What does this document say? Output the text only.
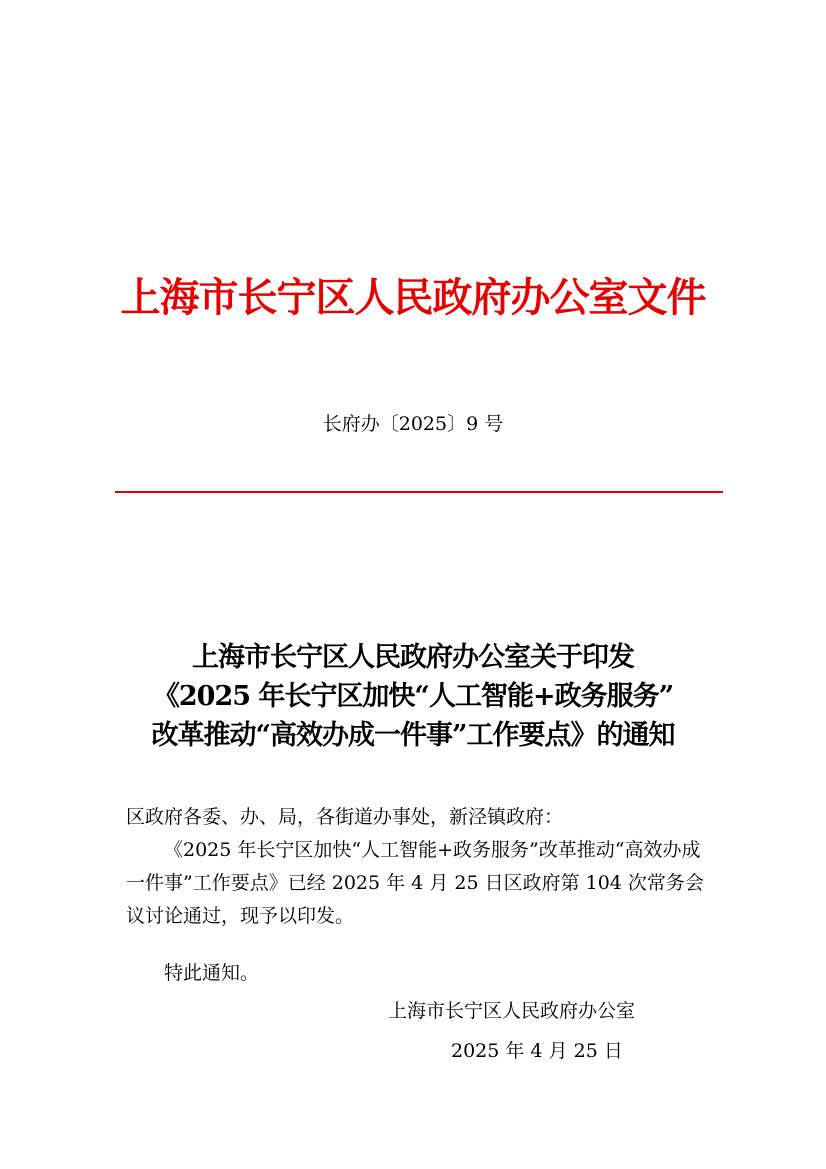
上海市长宁区人民政府办公室文件
长府办〔2025〕9 号
上海市长宁区人民政府办公室关于印发
《2025 年长宁区加快“人工智能+政务服务”
改革推动“高效办成一件事”工作要点》的通知
区政府各委、办、局，各街道办事处，新泾镇政府：
《2025 年长宁区加快“人工智能+政务服务”改革推动“高效办成一件事”工作要点》已经 2025 年 4 月 25 日区政府第 104 次常务会议讨论通过，现予以印发。
特此通知。
上海市长宁区人民政府办公室
2025 年 4 月 25 日
